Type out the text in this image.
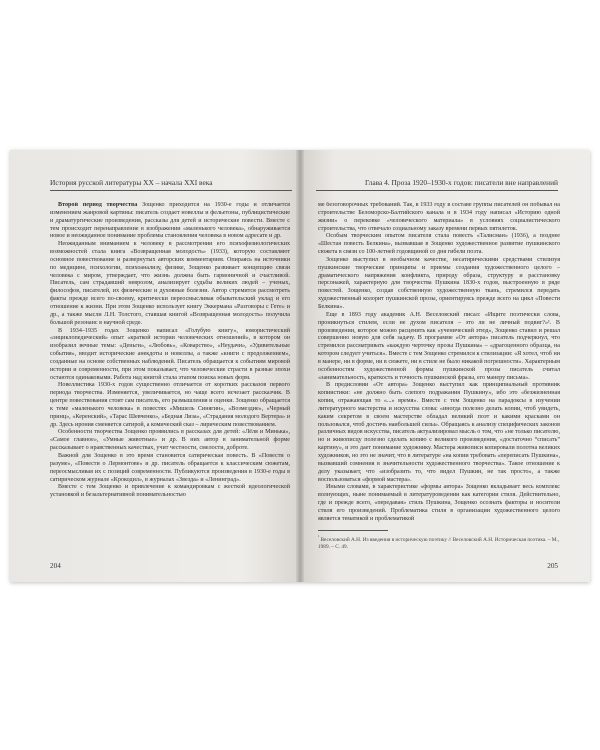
История русской литературы XX – начала XXI века

Второй период творчества Зощенко приходится на 1930-е годы и отличается изменением жанровой картины: писатель создает новеллы и фельетоны, публицистические и драматургические произведения, рассказы для детей и исторические повести. Вместе с тем происходит перенаправление в изображении «маленького человека», обнаруживается новое и неожиданное понимание проблемы становления человека в новом адресате и др.

Неожиданным вниманием к человеку в рассмотрении его психофизиологических возможностей стала книга «Возвращенная молодость» (1933), которую составляют основное повествование и развернутых авторских комментариев. Опираясь на источники по медицине, психологии, психоанализу, физике, Зощенко развивает концепцию связи человека с миром, утверждает, что жизнь должна быть гармоничной и счастливой. Писатель, сам страдавший неврозом, анализирует судьбы великих людей – ученых, философов, писателей, их физические и духовные болезни. Автор стремится рассмотреть факты прежде всего по-своему, критически переосмысливая обывательский уклад и его отношение к жизни. При этом Зощенко использует книгу Эккермана «Разговоры с Гете» и др., а также мысли Л.Н. Толстого, ставшая книгой «Возвращенная молодость» получила большой резонанс в научной среде.

В 1934–1935 годах Зощенко написал «Голубую книгу», юмористический «энциклопедический» опыт «краткой истории человеческих отношений», в котором он изобразил вечные темы: «Деньги», «Любовь», «Коварство», «Неудачи», «Удивительные события», вводит исторические анекдоты и новеллы, а также «книги с продолжением», созданные на основе собственных наблюдений. Писатель обращается к событиям мировой истории и современности, при этом показывает, что человеческие страсти в разные эпохи остаются одинаковыми. Работа над книгой стала этапом поиска новых форм.

Новеллистика 1930-х годов существенно отличается от коротких рассказов первого периода творчества. Изменяется, увеличивается, но чаще всего исчезает рассказчик. В центре повествования стоит сам писатель, его размышления и оценки. Зощенко обращается к теме «маленького человека» в повестях «Мишель Синягин», «Возмездие», «Черный принц», «Керенский», «Тарас Шевченко», «Бедная Лиза», «Страдания молодого Вертера» и др. Здесь ирония сменяется сатирой, а комический сказ – лирическим повествованием.

Особенности творчества Зощенко проявились в рассказах для детей: «Лёля и Минька», «Самое главное», «Умные животные» и др. В них автор в занимательной форме рассказывает о нравственных качествах, учит честности, смелости, доброте.

Важной для Зощенко в это время становится сатирическая повесть. В «Повести о разуме», «Повести о Лермонтове» и др. писатель обращается к классическим сюжетам, переосмысливая их с позиций современности. Публикуются произведения в 1930-е годы в сатирическом журнале «Крокодил», в журналах «Звезда» и «Ленинград».

Вместе с тем Зощенко и привлечение к командировкам с жесткой идеологической установкой и безальтернативной понимательностью

204
Глава 4. Проза 1920–1930-х годов: писатели вне направлений

ме безоговорочных требований. Так, в 1933 году в составе группы писателей он побывал на строительстве Беломорско-Балтийского канала и в 1934 году написал «Историю одной жизни» о перековке «человеческого материала» в условиях социалистического строительства, что отвечало социальному заказу времени первых пятилеток.

Особым творческим опытом писателя стала повесть «Талисман» (1936), а позднее «Шестая повесть Белкина», вызвавшая в Зощенко художественное развитие пушкинского сюжета в связи со 100-летней годовщиной со дня гибели поэта.

Зощенко выступил в необычном качестве, несатирическими средствами стилизуя пушкинские творческие принципы и приемы создания художественного целого – драматического напряжения конфликта, природу образа, структуру и расстановку персонажей, характерную для творчества Пушкина 1830-х годов, выстроенную в ряде повестей. Зощенко, создав собственную художественную ткань, стремился передать художественный колорит пушкинской прозы, ориентируясь прежде всего на цикл «Повести Белкина».

Еще в 1893 году академик А.Н. Веселовский писал: «Ищите поэтически слова, проникнуться стилем, если не духом писателя – это ли не личный подвиг?»¹. В произведении, которое можно расценить как «ученический этюд», Зощенко ставил и решал совершенно новую для себя задачу. В программе «От автора» писатель подчеркнул, что стремился рассматривать «каждую черточку прозы Пушкина» – «драгоценного образца, на котором следует учиться». Вместе с тем Зощенко стремился к стилизации: «Я хотел, чтоб ни в манере, ни в форме, ни в сюжете, ни в стиле не было никакой погрешности». Характерным особенностям художественной формы пушкинской прозы писатель считал «занимательность, краткость и точность пушкинской фразы, его манеру письма».

В предисловии «От автора» Зощенко выступил как принципиальный противник копиистики: «не должно быть слепого подражания Пушкину», ибо это «безжизненная копия, отражающая то «...» время». Вместе с тем Зощенко на парадоксы в изучении литературного мастерства и искусства слова: «иногда полезно делать копии, чтоб увидеть, каким секретом в своем мастерстве обладал великий поэт и какими красками он пользовался, чтоб достичь наибольшей силы». Обращаясь к анализу специфических законов различных видов искусства, писатель актуализировал мысль о том, что «не только писателю, но и живописцу полезно сделать копию с великого произведения, «достаточно “списать” картину», и это дает понимание художнику. Мастера живописи копировали полотна великих художников, но это не значит, что в литературе «на копии требовать «переписать Пушкина», вызвавший сомнения в значительности художественного творчества». Такое отношение к делу указывает, что «изобразить то, что видел Пушкин, не так просто», а также воспользоваться «формой мастера».

Иными словами, в характеристике «формы автора» Зощенко вкладывает весь комплекс волнующих, ныне понимаемый в литературоведении как категории стиля. Действительно, где и прежде всего, «передавая» стиль Пушкина, Зощенко осознать факторы и носители стиля его произведений. Проблематика стиля в организации художественного целого является тематикой и проблематикой

$^{^1}$ Веселовский А.Н. Из введения в историческую поэтику // Веселовский А.Н. Историческая поэтика. – М., 1989. – С. 49.
205
